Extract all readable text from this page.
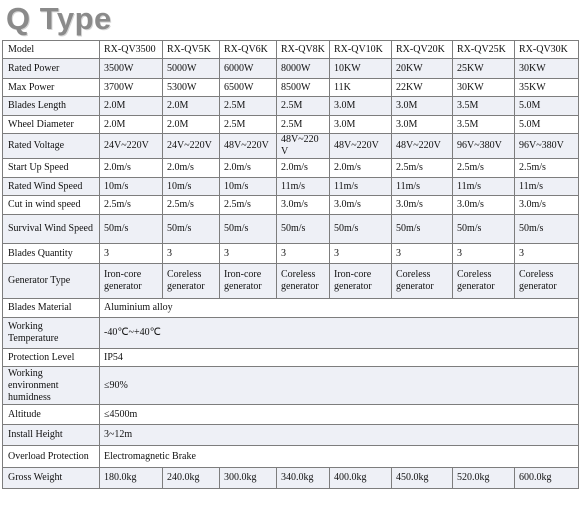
Q Type
Model	RX-QV3500	RX-QV5K	RX-QV6K	RX-QV8K	RX-QV10K	RX-QV20K	RX-QV25K	RX-QV30K
Rated Power	3500W	5000W	6000W	8000W	10KW	20KW	25KW	30KW
Max Power	3700W	5300W	6500W	8500W	11K	22KW	30KW	35KW
Blades Length	2.0M	2.0M	2.5M	2.5M	3.0M	3.0M	3.5M	5.0M
Wheel Diameter	2.0M	2.0M	2.5M	2.5M	3.0M	3.0M	3.5M	5.0M
Rated Voltage	24V~220V	24V~220V	48V~220V	48V~220 V	48V~220V	48V~220V	96V~380V	96V~380V
Start Up Speed	2.0m/s	2.0m/s	2.0m/s	2.0m/s	2.0m/s	2.5m/s	2.5m/s	2.5m/s
Rated Wind Speed	10m/s	10m/s	10m/s	11m/s	11m/s	11m/s	11m/s	11m/s
Cut in wind speed	2.5m/s	2.5m/s	2.5m/s	3.0m/s	3.0m/s	3.0m/s	3.0m/s	3.0m/s
Survival Wind Speed	50m/s	50m/s	50m/s	50m/s	50m/s	50m/s	50m/s	50m/s
Blades Quantity	3	3	3	3	3	3	3	3
Generator Type	Iron-core generator	Coreless generator	Iron-core generator	Coreless generator	Iron-core generator	Coreless generator	Coreless generator	Coreless generator
Blades Material	Aluminium alloy							
Working Temperature	-40℃~+40℃							
Protection Level	IP54							
Working environment humidness	≤90%							
Altitude	≤4500m							
Install Height	3~12m							
Overload Protection	Electromagnetic Brake							
Gross Weight	180.0kg	240.0kg	300.0kg	340.0kg	400.0kg	450.0kg	520.0kg	600.0kg
